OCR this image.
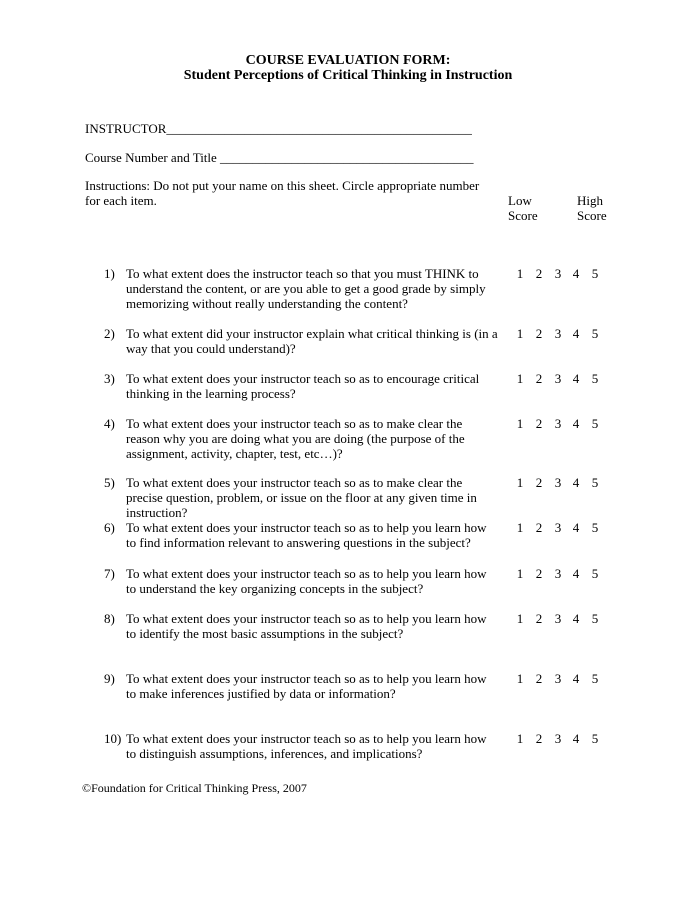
COURSE EVALUATION FORM:
Student Perceptions of Critical Thinking in Instruction
INSTRUCTOR_______________________________________________
Course Number and Title _______________________________________
Instructions: Do not put your name on this sheet. Circle appropriate number for each item.	Low
Score
High
Score
1) To what extent does the instructor teach so that you must THINK to understand the content, or are you able to get a good grade by simply memorizing without really understanding the content?
1 2 3 4 5
2) To what extent did your instructor explain what critical thinking is (in a way that you could understand)?
1 2 3 4 5
3) To what extent does your instructor teach so as to encourage critical thinking in the learning process?
1 2 3 4 5
4) To what extent does your instructor teach so as to make clear the reason why you are doing what you are doing (the purpose of the assignment, activity, chapter, test, etc…)?
1 2 3 4 5
5) To what extent does your instructor teach so as to make clear the precise question, problem, or issue on the floor at any given time in instruction?
1 2 3 4 5
6) To what extent does your instructor teach so as to help you learn how to find information relevant to answering questions in the subject?
1 2 3 4 5
7) To what extent does your instructor teach so as to help you learn how to understand the key organizing concepts in the subject?
1 2 3 4 5
8) To what extent does your instructor teach so as to help you learn how to identify the most basic assumptions in the subject?
1 2 3 4 5
9) To what extent does your instructor teach so as to help you learn how to make inferences justified by data or information?
1 2 3 4 5
10) To what extent does your instructor teach so as to help you learn how to distinguish assumptions, inferences, and implications?
1 2 3 4 5
©Foundation for Critical Thinking Press, 2007
